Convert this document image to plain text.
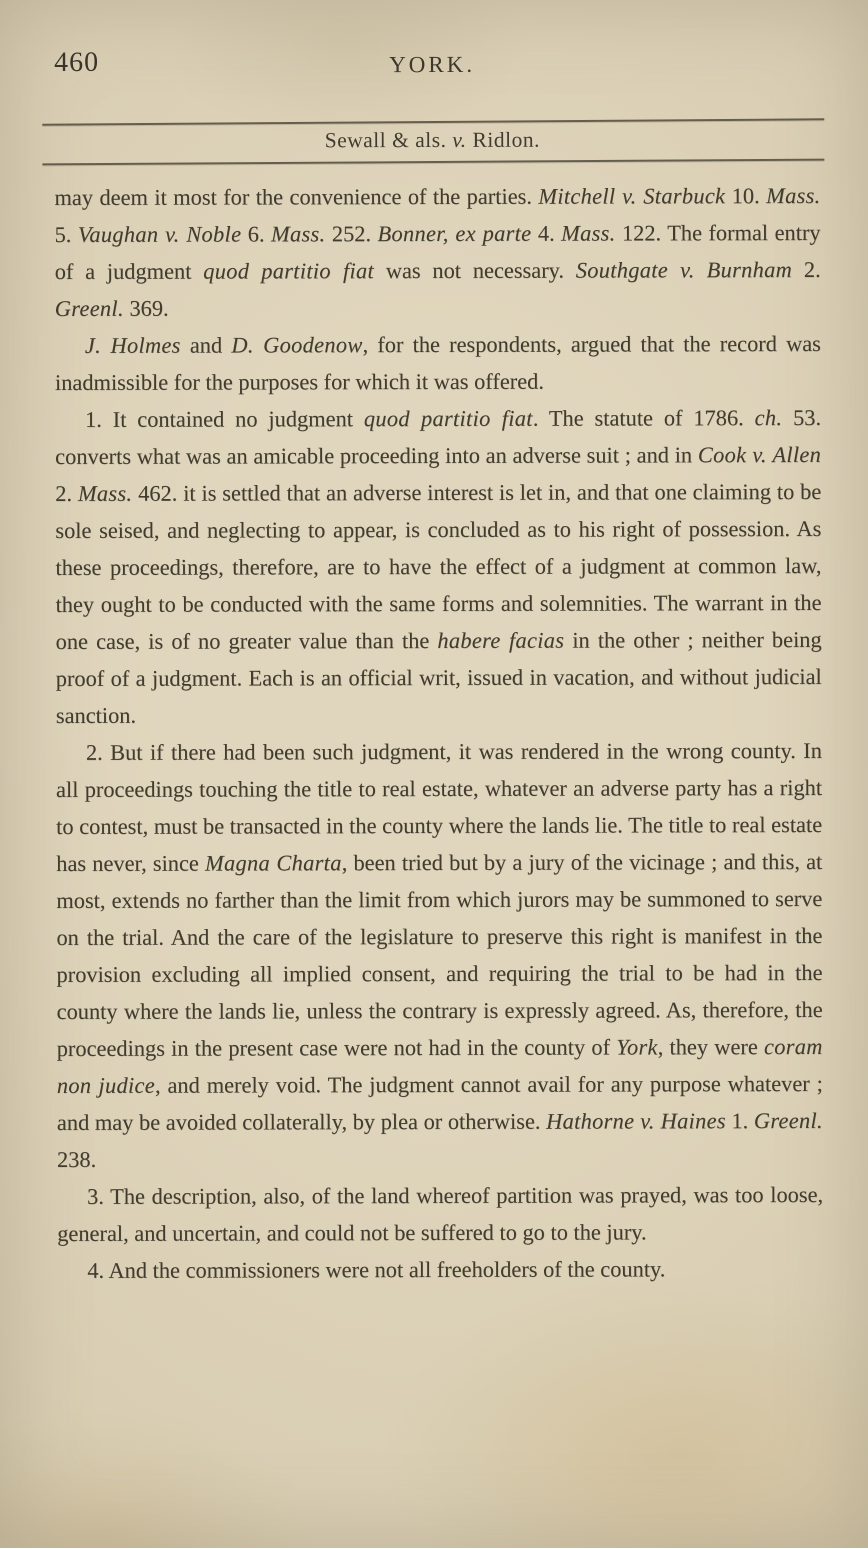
460	YORK.
Sewall & als. v. Ridlon.

may deem it most for the convenience of the parties. Mitchell v. Starbuck 10. Mass. 5. Vaughan v. Noble 6. Mass. 252. Bonner, ex parte 4. Mass. 122. The formal entry of a judgment quod partitio fiat was not necessary. Southgate v. Burnham 2. Greenl. 369.

J. Holmes and D. Goodenow, for the respondents, argued that the record was inadmissible for the purposes for which it was offered.

1. It contained no judgment quod partitio fiat. The statute of 1786. ch. 53. converts what was an amicable proceeding into an adverse suit ; and in Cook v. Allen 2. Mass. 462. it is settled that an adverse interest is let in, and that one claiming to be sole seised, and neglecting to appear, is concluded as to his right of possession. As these proceedings, therefore, are to have the effect of a judgment at common law, they ought to be conducted with the same forms and solemnities. The warrant in the one case, is of no greater value than the habere facias in the other ; neither being proof of a judgment. Each is an official writ, issued in vacation, and without judicial sanction.

2. But if there had been such judgment, it was rendered in the wrong county. In all proceedings touching the title to real estate, whatever an adverse party has a right to contest, must be transacted in the county where the lands lie. The title to real estate has never, since Magna Charta, been tried but by a jury of the vicinage ; and this, at most, extends no farther than the limit from which jurors may be summoned to serve on the trial. And the care of the legislature to preserve this right is manifest in the provision excluding all implied consent, and requiring the trial to be had in the county where the lands lie, unless the contrary is expressly agreed. As, therefore, the proceedings in the present case were not had in the county of York, they were coram non judice, and merely void. The judgment cannot avail for any purpose whatever ; and may be avoided collaterally, by plea or otherwise. Hathorne v. Haines 1. Greenl. 238.

3. The description, also, of the land whereof partition was prayed, was too loose, general, and uncertain, and could not be suffered to go to the jury.

4. And the commissioners were not all freeholders of the county.
